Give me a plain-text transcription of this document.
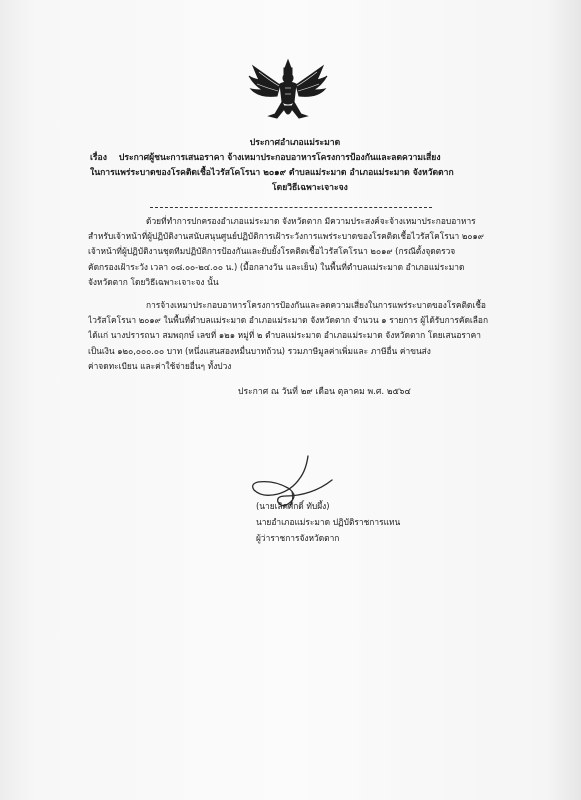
ประกาศอำเภอแม่ระมาด
เรื่อง ประกาศผู้ชนะการเสนอราคา จ้างเหมาประกอบอาหารโครงการป้องกันและลดความเสี่ยง
ในการแพร่ระบาดของโรคติดเชื้อไวรัสโคโรนา ๒๐๑๙ ตำบลแม่ระมาด อำเภอแม่ระมาด จังหวัดตาก
โดยวิธีเฉพาะเจาะจง
ด้วยที่ทำการปกครองอำเภอแม่ระมาด จังหวัดตาก มีความประสงค์จะจ้างเหมาประกอบอาหาร
สำหรับเจ้าหน้าที่ผู้ปฏิบัติงานสนับสนุนศูนย์ปฏิบัติการเฝ้าระวังการแพร่ระบาดของโรคติดเชื้อไวรัสโคโรนา ๒๐๑๙
เจ้าหน้าที่ผู้ปฏิบัติงานชุดทีมปฏิบัติการป้องกันและยับยั้งโรคติดเชื้อไวรัสโคโรนา ๒๐๑๙ (กรณีตั้งจุดตรวจ
คัดกรองเฝ้าระวัง เวลา ๐๘.๐๐-๒๔.๐๐ น.) (มื้อกลางวัน และเย็น) ในพื้นที่ตำบลแม่ระมาด อำเภอแม่ระมาด
จังหวัดตาก โดยวิธีเฉพาะเจาะจง นั้น
การจ้างเหมาประกอบอาหารโครงการป้องกันและลดความเสี่ยงในการแพร่ระบาดของโรคติดเชื้อ
ไวรัสโคโรนา ๒๐๑๙ ในพื้นที่ตำบลแม่ระมาด อำเภอแม่ระมาด จังหวัดตาก จำนวน ๑ รายการ ผู้ได้รับการคัดเลือก
ได้แก่ นางปรารถนา สมพฤกษ์ เลขที่ ๑๒๑ หมู่ที่ ๒ ตำบลแม่ระมาด อำเภอแม่ระมาด จังหวัดตาก โดยเสนอราคา
เป็นเงิน ๑๒๐,๐๐๐.๐๐ บาท (หนึ่งแสนสองหมื่นบาทถ้วน) รวมภาษีมูลค่าเพิ่มและ ภาษีอื่น ค่าขนส่ง
ค่าจดทะเบียน และค่าใช้จ่ายอื่นๆ ทั้งปวง
ประกาศ ณ วันที่ ๒๙ เดือน ตุลาคม พ.ศ. ๒๕๖๔
(นายเลิศศักดิ์ ทับผึ้ง)
นายอำเภอแม่ระมาด ปฏิบัติราชการแทน
ผู้ว่าราชการจังหวัดตาก
